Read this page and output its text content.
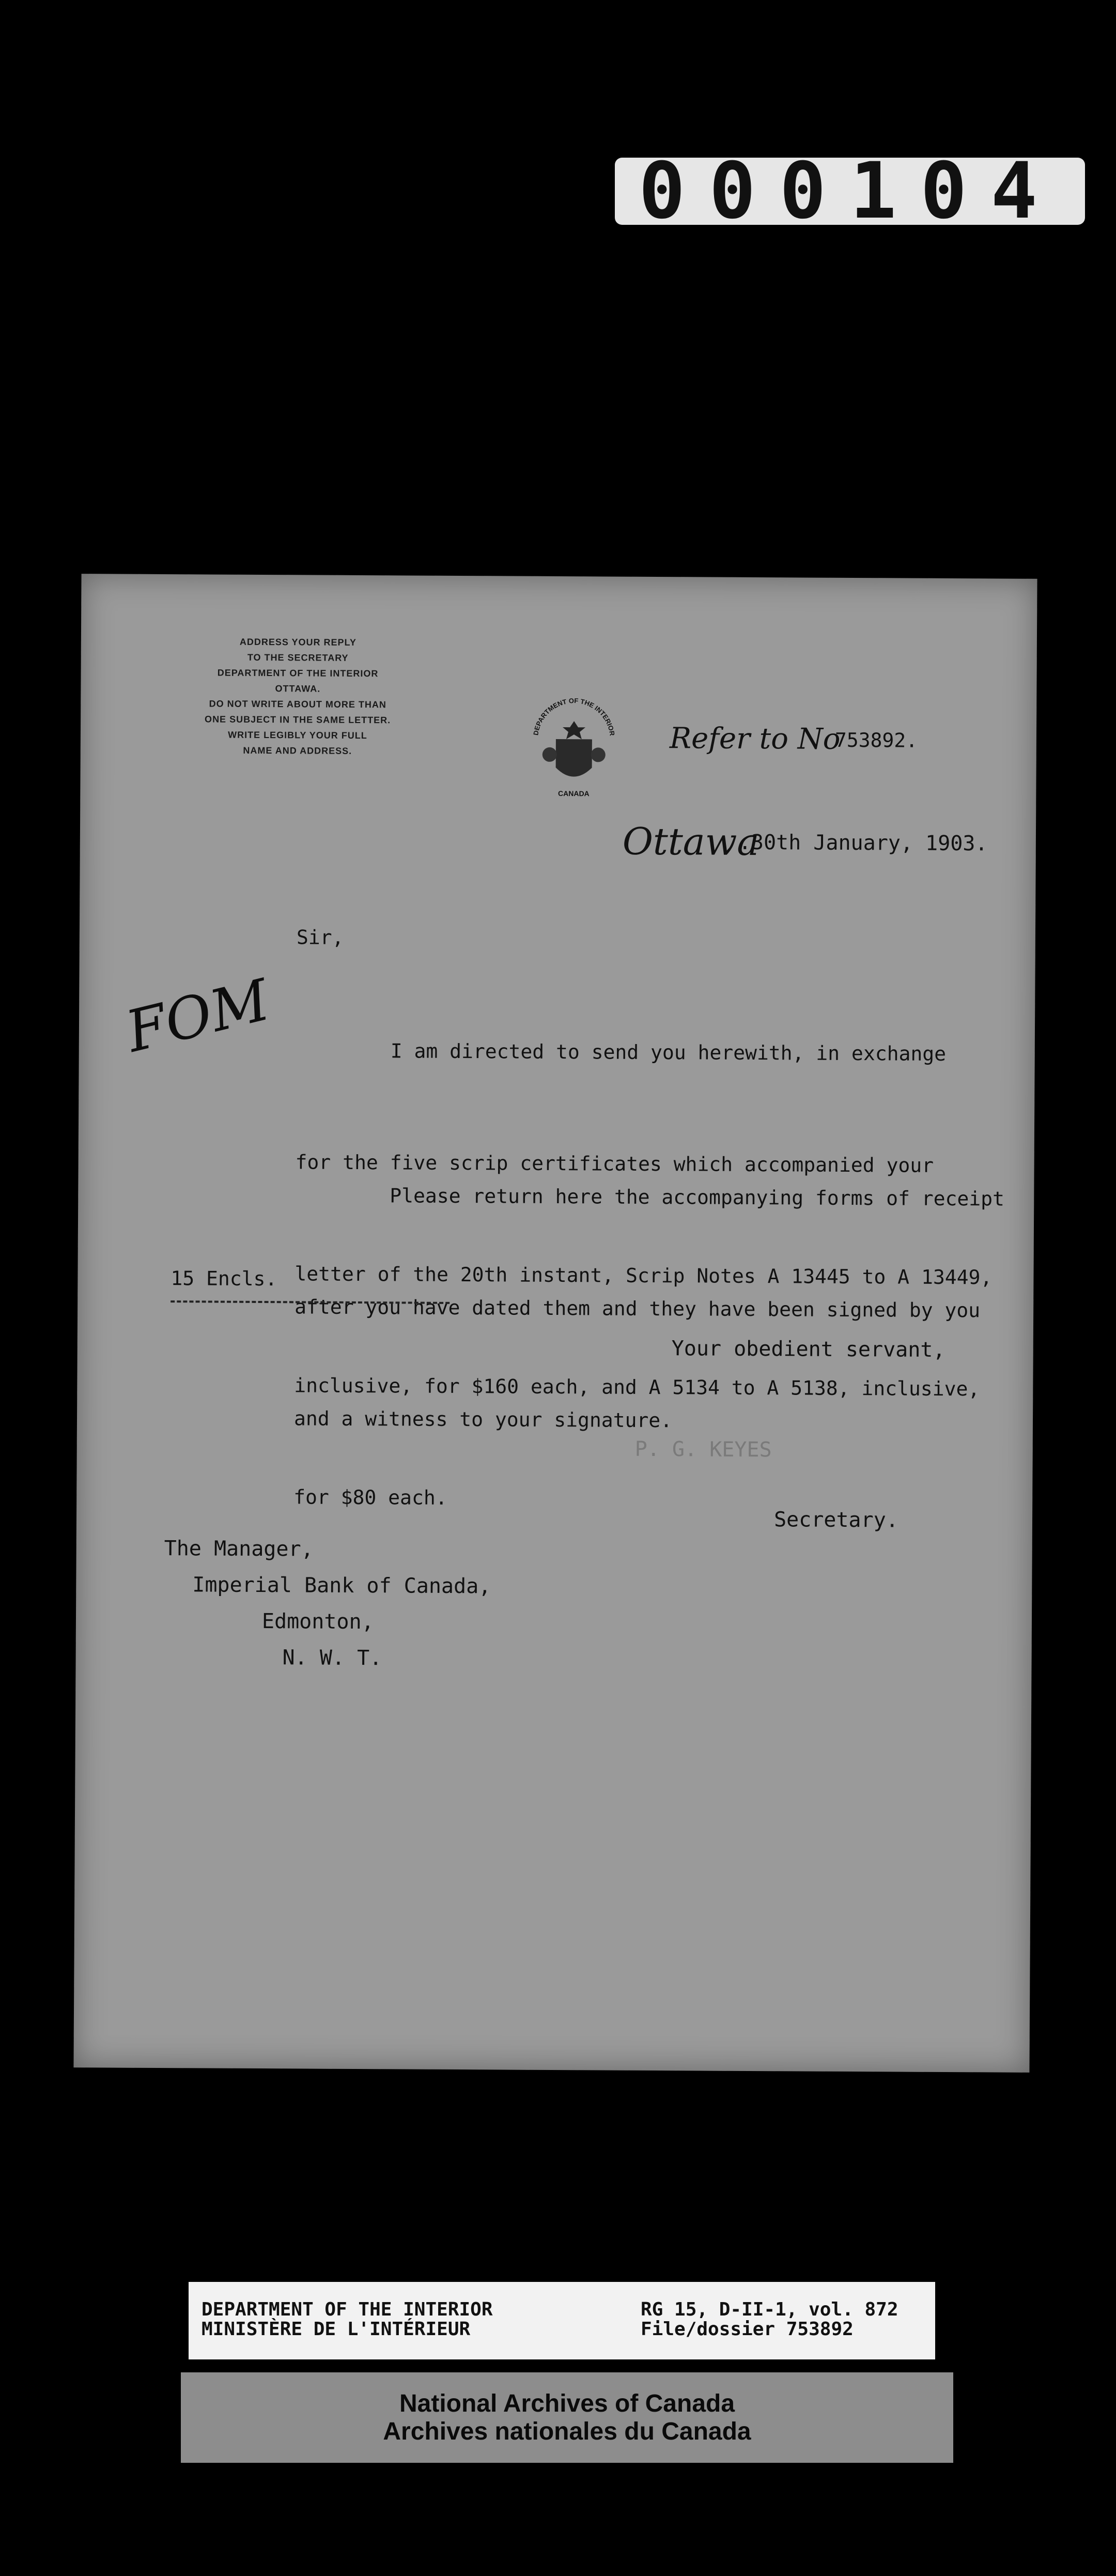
000104
ADDRESS YOUR REPLY
TO THE SECRETARY
DEPARTMENT OF THE INTERIOR
OTTAWA.
DO NOT WRITE ABOUT MORE THAN
ONE SUBJECT IN THE SAME LETTER.
WRITE LEGIBLY YOUR FULL
NAME AND ADDRESS.
DEPARTMENT OF THE INTERIOR
CANADA
Refer to No
753892.
Ottawa
.30th January, 1903.
FOM
Sir,

I am directed to send you herewith, in exchange

for the five scrip certificates which accompanied your

letter of the 20th instant, Scrip Notes A 13445 to A 13449,

inclusive, for $160 each, and A 5134 to A 5138, inclusive,

for $80 each.

Please return here the accompanying forms of receipt

after you have dated them and they have been signed by you

and a witness to your signature.

15 Encls.
Your obedient servant,
P. G. KEYES
Secretary.
The Manager,
Imperial Bank of Canada,
Edmonton,
N. W. T.
DEPARTMENT OF THE INTERIOR
MINISTÈRE DE L'INTÉRIEUR
RG 15, D-II-1, vol. 872
File/dossier 753892
National Archives of Canada
Archives nationales du Canada
